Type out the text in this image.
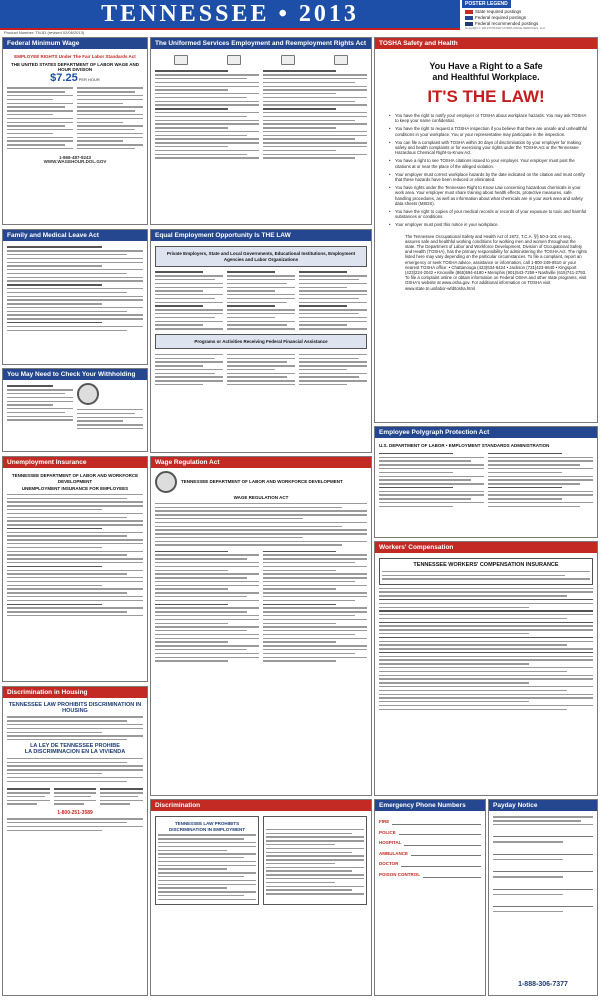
TENNESSEE • 2013	POSTER LEGEND
State required postings
Federal required postings
Federal recommended postings
Copyright © 2013 POSTER COMPLIANCE SERVICES, LLC
Product Number: TN-81 (revised 02/06/2013)
Federal Minimum Wage
EMPLOYEE RIGHTS Under The Fair Labor Standards Act
THE UNITED STATES DEPARTMENT OF LABOR WAGE AND HOUR DIVISION
$7.25 PER HOUR
1-866-487-9243
WWW.WAGEHOUR.DOL.GOV
The Uniformed Services Employment and Reemployment Rights Act	TOSHA Safety and Health
You Have a Right to a Safe
and Healthful Workplace.
IT'S THE LAW!
•	You have the right to notify your employer or TOSHA about workplace hazards. You may ask TOSHA to keep your name confidential.
•	You have the right to request a TOSHA inspection if you believe that there are unsafe and unhealthful conditions in your workplace. You or your representative may participate in the inspection.
•	You can file a complaint with TOSHA within 30 days of discrimination by your employer for making safety and health complaints or for exercising your rights under the TOSHA Act or the Tennessee Hazardous Chemical Right-to-Know Act.
•	You have a right to see TOSHA citations issued to your employer. Your employer must post the citations at or near the place of the alleged violation.
•	Your employer must correct workplace hazards by the date indicated on the citation and must certify that these hazards have been reduced or eliminated.
•	You have rights under the Tennessee Right to Know Law concerning hazardous chemicals in your work area. Your employer must share training about health effects, protective measures, safe handling procedures, as well as information about what chemicals are in your work area and safety data sheets (MSDS).
•	You have the right to copies of your medical records or records of your exposure to toxic and harmful substances or conditions.
•	Your employer must post this notice in your workplace.
The Tennessee Occupational Safety and Health Act of 1972, T.C.A. §§ 50-3-101 et seq., assures safe and healthful working conditions for working men and women throughout the state. The Department of Labor and Workforce Development, Division of Occupational Safety and Health (TOSHA), has the primary responsibility for administering the TOSHA Act. The rights listed here may vary depending on the particular circumstances. To file a complaint, report an emergency or seek TOSHA advice, assistance or information, call 1-800-249-8510 or your nearest TOSHA office: • Chattanooga (423)634-6424 • Jackson (731)423-5640 • Kingsport (423)224-2042 • Knoxville (865)594-6180 • Memphis (901)543-7259 • Nashville (615)741-2793. To file a complaint online or obtain information on Federal OSHA and other state programs, visit OSHA's website at www.osha.gov. For additional information on TOSHA visit www.state.tn.us/labor-wfd/tosha.html
Family and Medical Leave Act	Equal Employment Opportunity Is THE LAW
Private Employers, State and Local Governments, Educational Institutions, Employment Agencies and Labor Organizations
Programs or Activities Receiving Federal Financial Assistance
You May Need to Check Your Withholding
Employee Polygraph Protection Act
U.S. DEPARTMENT OF LABOR • EMPLOYMENT STANDARDS ADMINISTRATION
Unemployment Insurance
TENNESSEE DEPARTMENT OF LABOR AND WORKFORCE DEVELOPMENT
UNEMPLOYMENT INSURANCE FOR EMPLOYEES
Wage Regulation Act
TENNESSEE DEPARTMENT OF LABOR AND WORKFORCE DEVELOPMENT
WAGE REGULATION ACT
Workers' Compensation
TENNESSEE WORKERS' COMPENSATION INSURANCE
Discrimination in Housing
TENNESSEE LAW PROHIBITS DISCRIMINATION IN HOUSING
LA LEY DE TENNESSEE PROHIBE
LA DISCRIMINACION EN LA VIVIENDA
1-800-251-3589
Emergency Phone Numbers
FIRE
POLICE
HOSPITAL
AMBULANCE
DOCTOR
POISON CONTROL
Payday Notice
Discrimination
TENNESSEE LAW PROHIBITS
DISCRIMINATION IN EMPLOYMENT

1-888-306-7377
